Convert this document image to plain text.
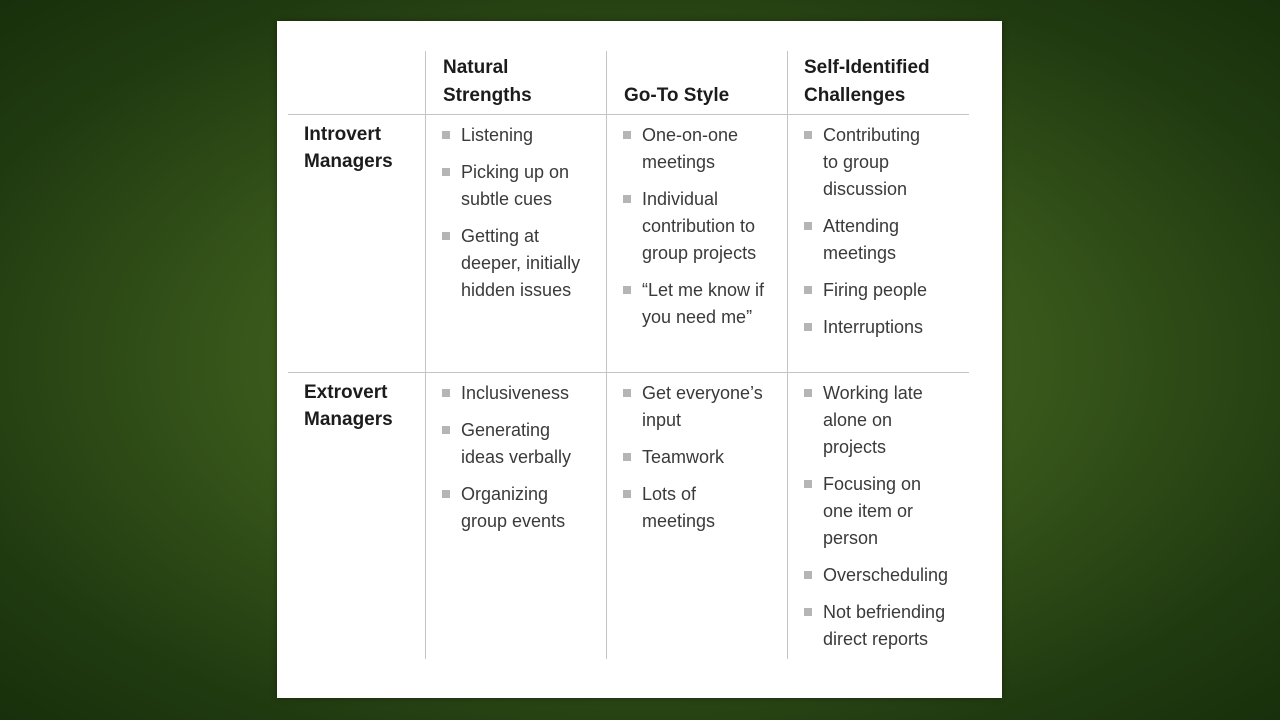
Natural
Strengths	Go-To Style
Self-Identified
Challenges
Introvert
Managers
Listening
Picking up on
subtle cues
Getting at
deeper, initially
hidden issues
One-on-one
meetings
Individual
contribution to
group projects
“Let me know if
you need me”
Contributing
to group
discussion
Attending
meetings
Firing people
Interruptions
Extrovert
Managers
Inclusiveness
Generating
ideas verbally
Organizing
group events
Get everyone’s
input
Teamwork
Lots of
meetings
Working late
alone on
projects
Focusing on
one item or
person
Overscheduling
Not befriending
direct reports
